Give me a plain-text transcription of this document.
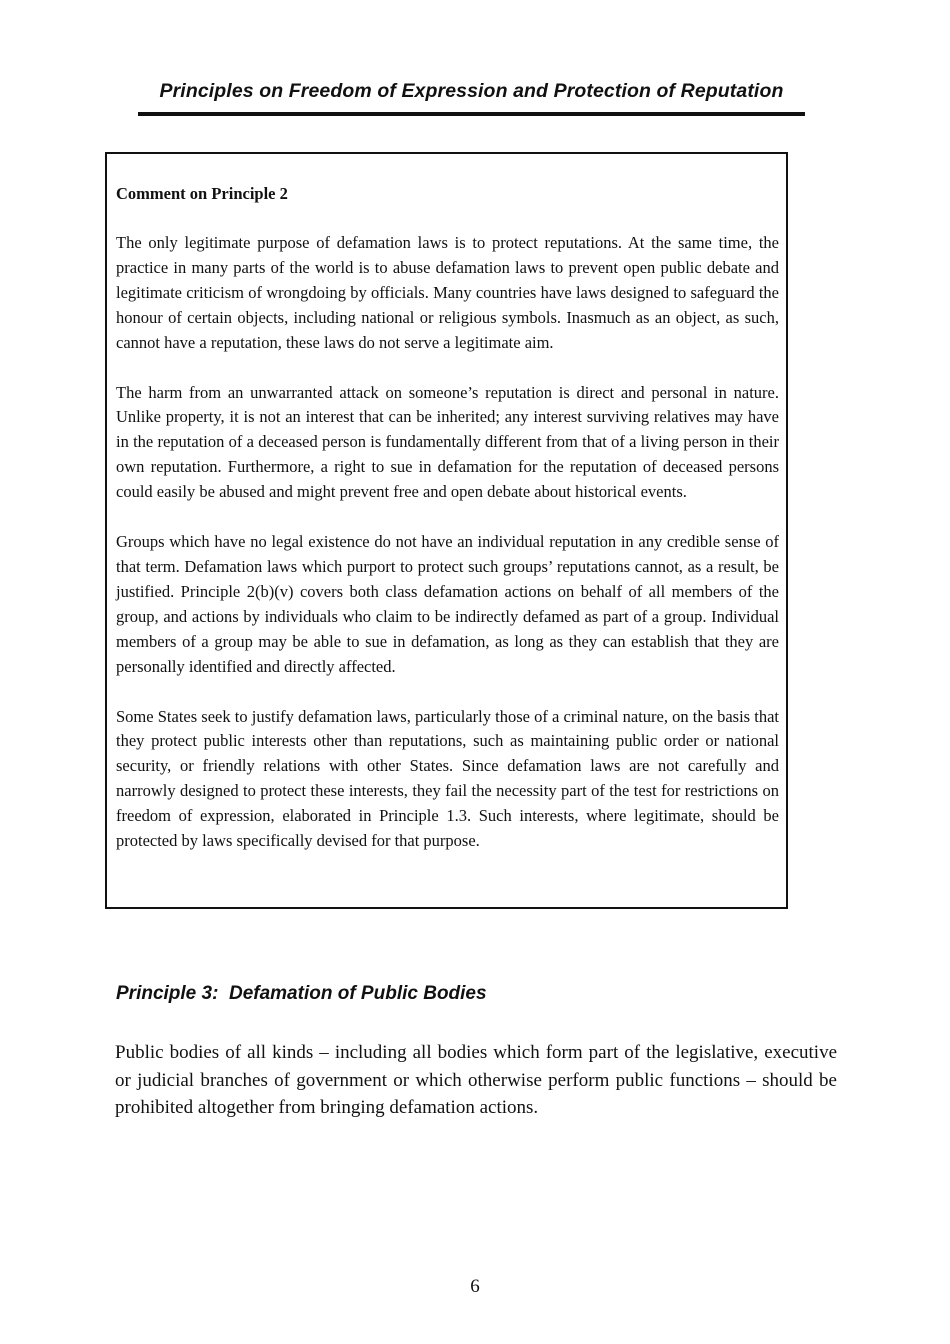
Principles on Freedom of Expression and Protection of Reputation
Comment on Principle 2

The only legitimate purpose of defamation laws is to protect reputations. At the same time, the practice in many parts of the world is to abuse defamation laws to prevent open public debate and legitimate criticism of wrongdoing by officials. Many countries have laws designed to safeguard the honour of certain objects, including national or religious symbols. Inasmuch as an object, as such, cannot have a reputation, these laws do not serve a legitimate aim.

The harm from an unwarranted attack on someone’s reputation is direct and personal in nature. Unlike property, it is not an interest that can be inherited; any interest surviving relatives may have in the reputation of a deceased person is fundamentally different from that of a living person in their own reputation. Furthermore, a right to sue in defamation for the reputation of deceased persons could easily be abused and might prevent free and open debate about historical events.

Groups which have no legal existence do not have an individual reputation in any credible sense of that term. Defamation laws which purport to protect such groups’ reputations cannot, as a result, be justified. Principle 2(b)(v) covers both class defamation actions on behalf of all members of the group, and actions by individuals who claim to be indirectly defamed as part of a group. Individual members of a group may be able to sue in defamation, as long as they can establish that they are personally identified and directly affected.

Some States seek to justify defamation laws, particularly those of a criminal nature, on the basis that they protect public interests other than reputations, such as maintaining public order or national security, or friendly relations with other States. Since defamation laws are not carefully and narrowly designed to protect these interests, they fail the necessity part of the test for restrictions on freedom of expression, elaborated in Principle 1.3. Such interests, where legitimate, should be protected by laws specifically devised for that purpose.

Principle 3:  Defamation of Public Bodies

Public bodies of all kinds – including all bodies which form part of the legislative, executive or judicial branches of government or which otherwise perform public functions – should be prohibited altogether from bringing defamation actions.

6
